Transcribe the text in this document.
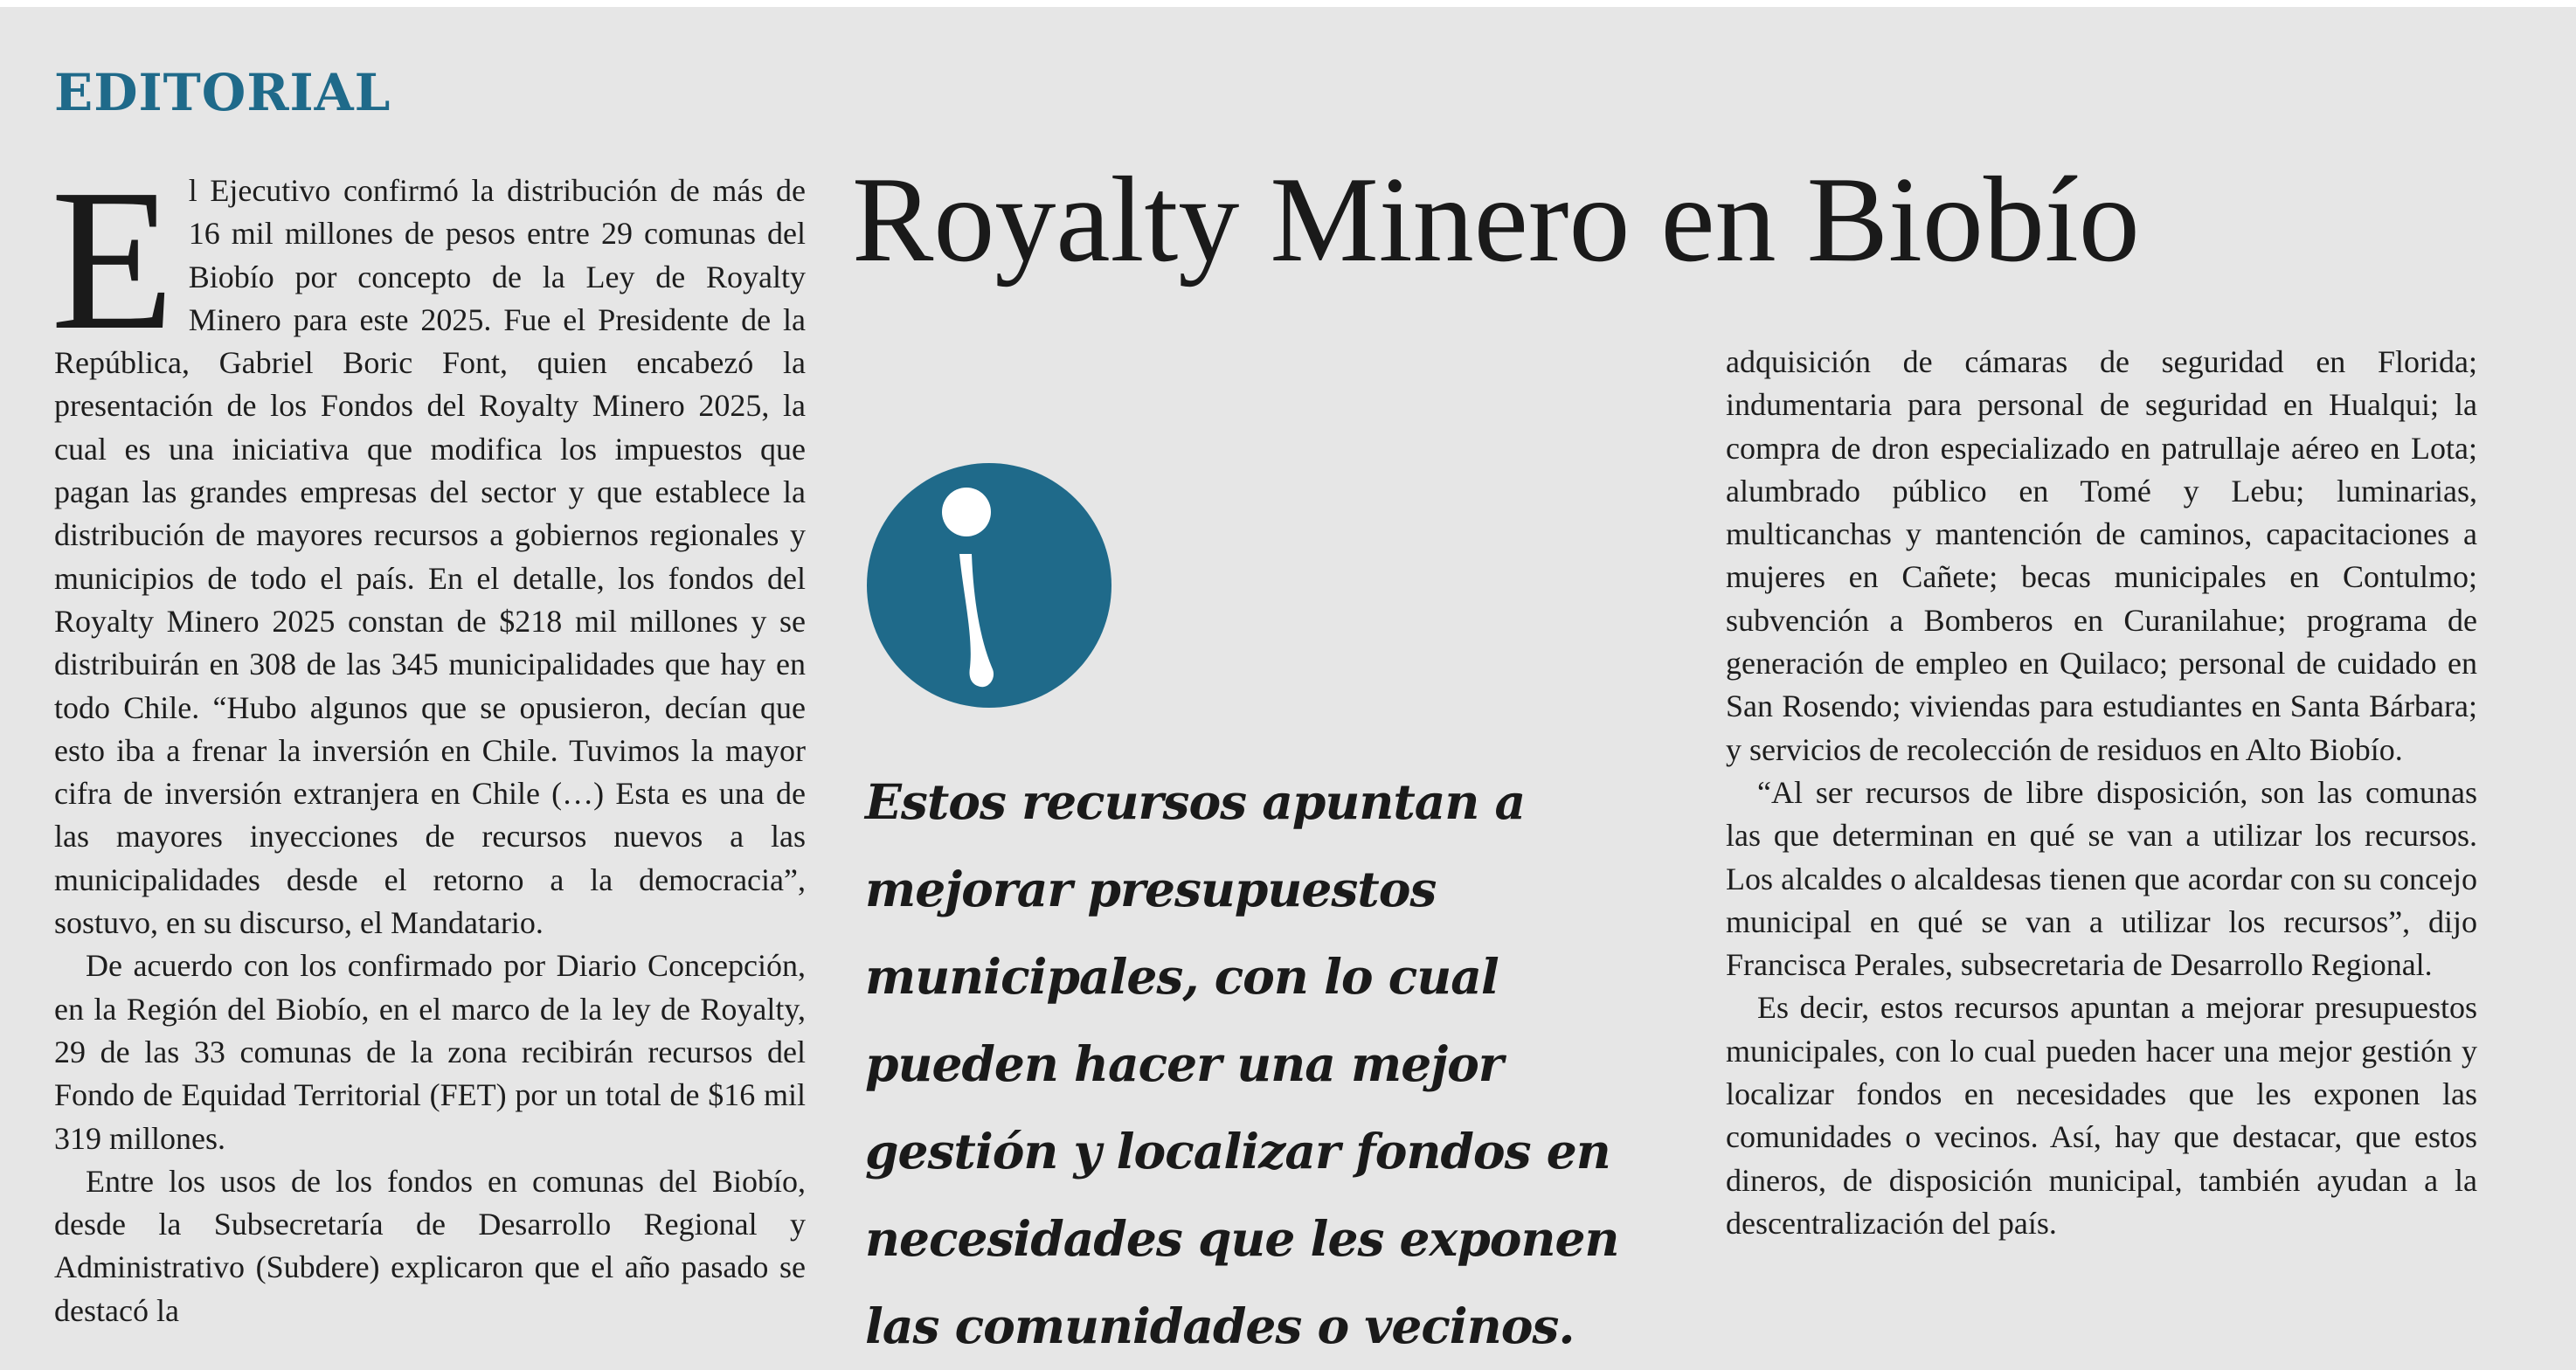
EDITORIAL
Royalty Minero en Biobío

El Ejecutivo confirmó la distribución de más de 16 mil millones de pesos entre 29 comunas del Biobío por concepto de la Ley de Royalty Minero para este 2025. Fue el Presidente de la República, Gabriel Boric Font, quien encabezó la presentación de los Fondos del Royalty Minero 2025, la cual es una iniciativa que modifica los impuestos que pagan las grandes empresas del sector y que establece la distribución de mayores recursos a gobiernos regionales y municipios de todo el país. En el detalle, los fondos del Royalty Minero 2025 constan de $218 mil millones y se distribuirán en 308 de las 345 municipalidades que hay en todo Chile. “Hubo algunos que se opusieron, decían que esto iba a frenar la inversión en Chile. Tuvimos la mayor cifra de inversión extranjera en Chile (…) Esta es una de las mayores inyecciones de recursos nuevos a las municipalidades desde el retorno a la democracia”, sostuvo, en su discurso, el Mandatario.

De acuerdo con los confirmado por Diario Concepción, en la Región del Biobío, en el marco de la ley de Royalty, 29 de las 33 comunas de la zona recibirán recursos del Fondo de Equidad Territorial (FET) por un total de $16 mil 319 millones.

Entre los usos de los fondos en comunas del Biobío, desde la Subsecretaría de Desarrollo Regional y Administrativo (Subdere) explicaron que el año pasado se destacó la

Estos recursos apuntan a mejorar presupuestos municipales, con lo cual pueden hacer una mejor gestión y localizar fondos en necesidades que les exponen las comunidades o vecinos.

adquisición de cámaras de seguridad en Florida; indumentaria para personal de seguridad en Hualqui; la compra de dron especializado en patrullaje aéreo en Lota; alumbrado público en Tomé y Lebu; luminarias, multicanchas y mantención de caminos, capacitaciones a mujeres en Cañete; becas municipales en Contulmo; subvención a Bomberos en Curanilahue; programa de generación de empleo en Quilaco; personal de cuidado en San Rosendo; viviendas para estudiantes en Santa Bárbara; y servicios de recolección de residuos en Alto Biobío.

“Al ser recursos de libre disposición, son las comunas las que determinan en qué se van a utilizar los recursos. Los alcaldes o alcaldesas tienen que acordar con su concejo municipal en qué se van a utilizar los recursos”, dijo Francisca Perales, subsecretaria de Desarrollo Regional.

Es decir, estos recursos apuntan a mejorar presupuestos municipales, con lo cual pueden hacer una mejor gestión y localizar fondos en necesidades que les exponen las comunidades o vecinos. Así, hay que destacar, que estos dineros, de disposición municipal, también ayudan a la descentralización del país.
